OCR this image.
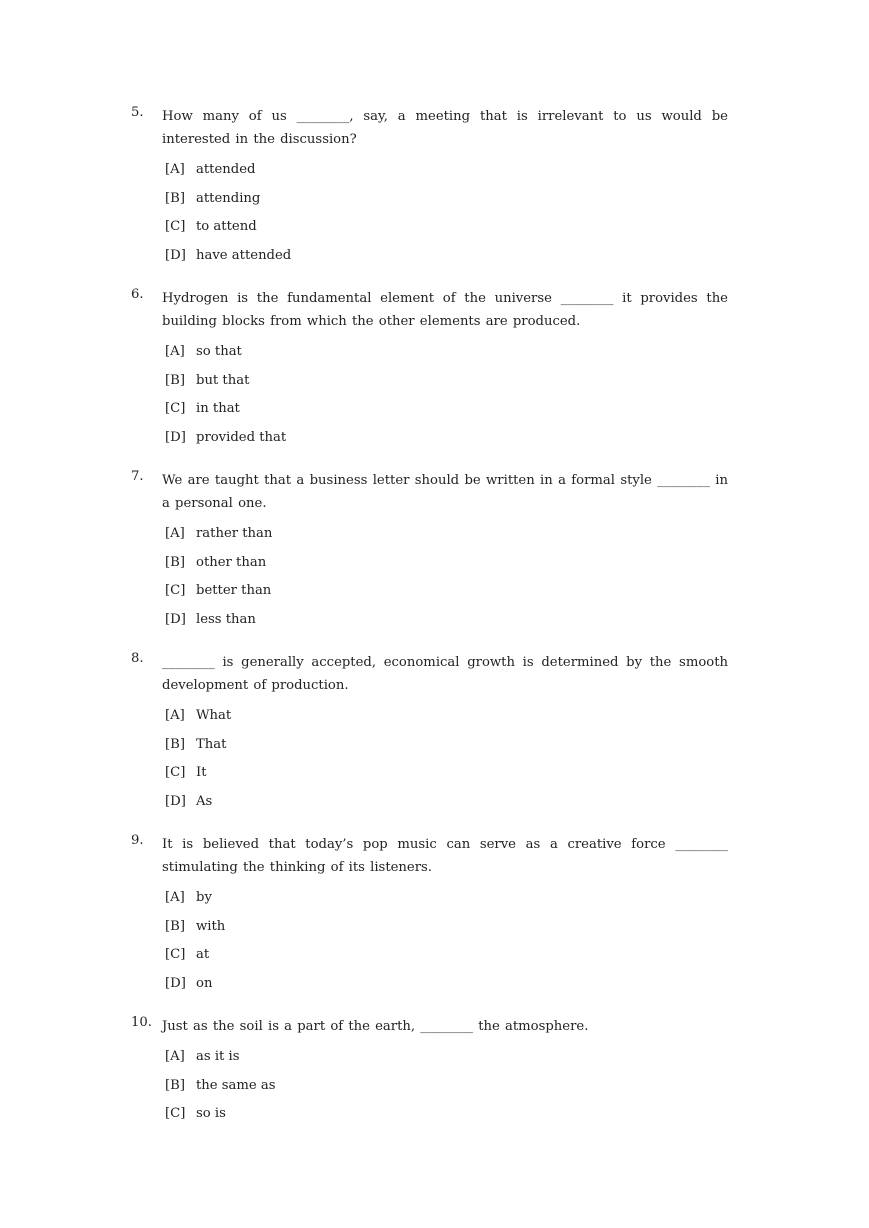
5.	How many of us ________, say, a meeting that is irrelevant to us would be interested in the discussion?
[A] attended
[B] attending
[C] to attend
[D] have attended
6.	Hydrogen is the fundamental element of the universe ________ it provides the building blocks from which the other elements are produced.
[A] so that
[B] but that
[C] in that
[D] provided that
7.	We are taught that a business letter should be written in a formal style ________ in a personal one.
[A] rather than
[B] other than
[C] better than
[D] less than
8.	________ is generally accepted, economical growth is determined by the smooth development of production.
[A] What
[B] That
[C] It
[D] As
9.	It is believed that today’s pop music can serve as a creative force ________ stimulating the thinking of its listeners.
[A] by
[B] with
[C] at
[D] on
10. Just as the soil is a part of the earth, ________ the atmosphere.
[A] as it is
[B] the same as
[C] so is
